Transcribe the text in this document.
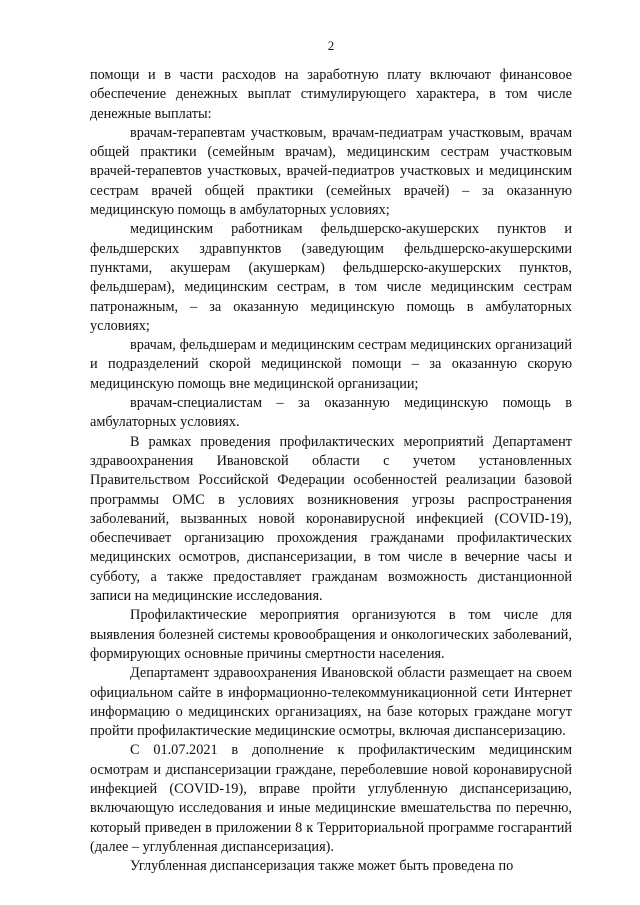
2

помощи и в части расходов на заработную плату включают финансовое обеспечение денежных выплат стимулирующего характера, в том числе денежные выплаты:

врачам-терапевтам участковым, врачам-педиатрам участковым, врачам общей практики (семейным врачам), медицинским сестрам участковым врачей-терапевтов участковых, врачей-педиатров участковых и медицинским сестрам врачей общей практики (семейных врачей) – за оказанную медицинскую помощь в амбулаторных условиях;

медицинским работникам фельдшерско-акушерских пунктов и фельдшерских здравпунктов (заведующим фельдшерско-акушерскими пунктами, акушерам (акушеркам) фельдшерско-акушерских пунктов, фельдшерам), медицинским сестрам, в том числе медицинским сестрам патронажным, – за оказанную медицинскую помощь в амбулаторных условиях;

врачам, фельдшерам и медицинским сестрам медицинских организаций и подразделений скорой медицинской помощи – за оказанную скорую медицинскую помощь вне медицинской организации;

врачам-специалистам – за оказанную медицинскую помощь в амбулаторных условиях.

В рамках проведения профилактических мероприятий Департамент здравоохранения Ивановской области с учетом установленных Правительством Российской Федерации особенностей реализации базовой программы ОМС в условиях возникновения угрозы распространения заболеваний, вызванных новой коронавирусной инфекцией (COVID-19), обеспечивает организацию прохождения гражданами профилактических медицинских осмотров, диспансеризации, в том числе в вечерние часы и субботу, а также предоставляет гражданам возможность дистанционной записи на медицинские исследования.

Профилактические мероприятия организуются в том числе для выявления болезней системы кровообращения и онкологических заболеваний, формирующих основные причины смертности населения.

Департамент здравоохранения Ивановской области размещает на своем официальном сайте в информационно-телекоммуникационной сети Интернет информацию о медицинских организациях, на базе которых граждане могут пройти профилактические медицинские осмотры, включая диспансеризацию.

С 01.07.2021 в дополнение к профилактическим медицинским осмотрам и диспансеризации граждане, переболевшие новой коронавирусной инфекцией (COVID-19), вправе пройти углубленную диспансеризацию, включающую исследования и иные медицинские вмешательства по перечню, который приведен в приложении 8 к Территориальной программе госгарантий (далее – углубленная диспансеризация).

Углубленная диспансеризация также может быть проведена по
